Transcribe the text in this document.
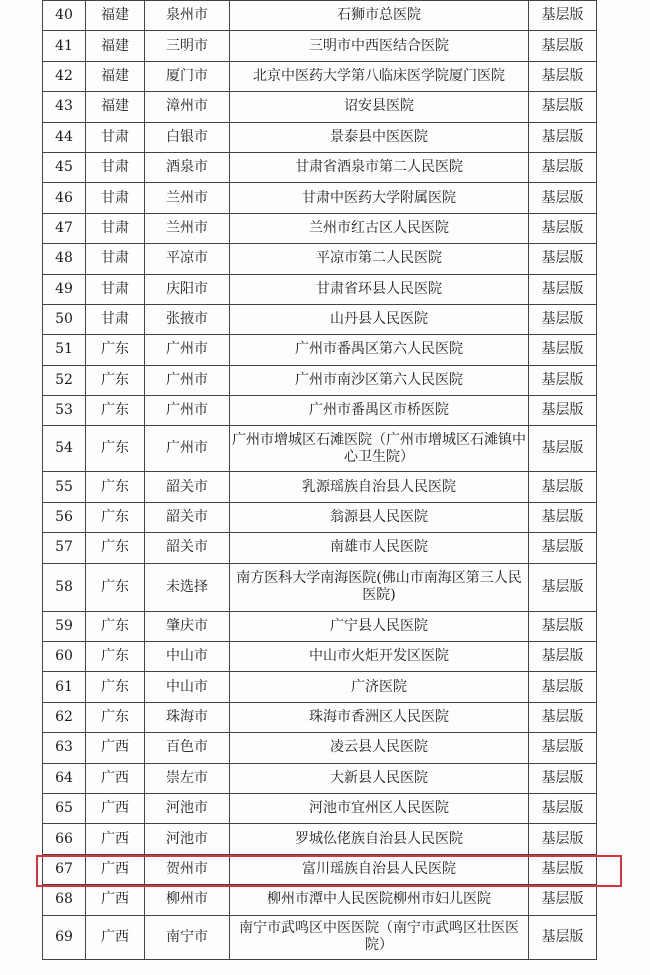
40	福建	泉州市	石狮市总医院	基层版
41	福建	三明市	三明市中西医结合医院	基层版
42	福建	厦门市	北京中医药大学第八临床医学院厦门医院	基层版
43	福建	漳州市	诏安县医院	基层版
44	甘肃	白银市	景泰县中医医院	基层版
45	甘肃	酒泉市	甘肃省酒泉市第二人民医院	基层版
46	甘肃	兰州市	甘肃中医药大学附属医院	基层版
47	甘肃	兰州市	兰州市红古区人民医院	基层版
48	甘肃	平凉市	平凉市第二人民医院	基层版
49	甘肃	庆阳市	甘肃省环县人民医院	基层版
50	甘肃	张掖市	山丹县人民医院	基层版
51	广东	广州市	广州市番禺区第六人民医院	基层版
52	广东	广州市	广州市南沙区第六人民医院	基层版
53	广东	广州市	广州市番禺区市桥医院	基层版
54	广东	广州市	广州市增城区石滩医院（广州市增城区石滩镇中心卫生院）	基层版
55	广东	韶关市	乳源瑶族自治县人民医院	基层版
56	广东	韶关市	翁源县人民医院	基层版
57	广东	韶关市	南雄市人民医院	基层版
58	广东	未选择	南方医科大学南海医院(佛山市南海区第三人民医院)	基层版
59	广东	肇庆市	广宁县人民医院	基层版
60	广东	中山市	中山市火炬开发区医院	基层版
61	广东	中山市	广济医院	基层版
62	广东	珠海市	珠海市香洲区人民医院	基层版
63	广西	百色市	凌云县人民医院	基层版
64	广西	崇左市	大新县人民医院	基层版
65	广西	河池市	河池市宜州区人民医院	基层版
66	广西	河池市	罗城仫佬族自治县人民医院	基层版
67	广西	贺州市	富川瑶族自治县人民医院	基层版
68	广西	柳州市	柳州市潭中人民医院柳州市妇儿医院	基层版
69	广西	南宁市	南宁市武鸣区中医医院（南宁市武鸣区壮医医院）	基层版
